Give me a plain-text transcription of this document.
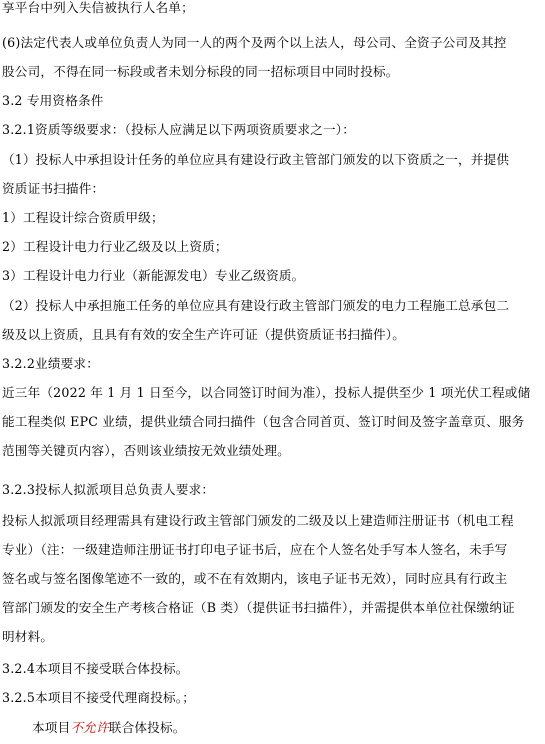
享平台中列入失信被执行人名单；
(6)法定代表人或单位负责人为同一人的两个及两个以上法人，母公司、全资子公司及其控
股公司，不得在同一标段或者未划分标段的同一招标项目中同时投标。
3.2 专用资格条件
3.2.1资质等级要求：（投标人应满足以下两项资质要求之一）：
（1）投标人中承担设计任务的单位应具有建设行政主管部门颁发的以下资质之一，并提供
资质证书扫描件：
1）工程设计综合资质甲级；
2）工程设计电力行业乙级及以上资质；
3）工程设计电力行业（新能源发电）专业乙级资质。
（2）投标人中承担施工任务的单位应具有建设行政主管部门颁发的电力工程施工总承包二
级及以上资质，且具有有效的安全生产许可证（提供资质证书扫描件）。
3.2.2业绩要求：
近三年（2022 年 1 月 1 日至今，以合同签订时间为准），投标人提供至少 1 项光伏工程或储
能工程类似 EPC 业绩，提供业绩合同扫描件（包含合同首页、签订时间及签字盖章页、服务
范围等关键页内容），否则该业绩按无效业绩处理。
3.2.3投标人拟派项目总负责人要求：
投标人拟派项目经理需具有建设行政主管部门颁发的二级及以上建造师注册证书（机电工程
专业）（注：一级建造师注册证书打印电子证书后，应在个人签名处手写本人签名，未手写
签名或与签名图像笔迹不一致的，或不在有效期内，该电子证书无效），同时应具有行政主
管部门颁发的安全生产考核合格证（B 类）（提供证书扫描件），并需提供本单位社保缴纳证
明材料。
3.2.4本项目不接受联合体投标。
3.2.5本项目不接受代理商投标。；
本项目不允许联合体投标。
